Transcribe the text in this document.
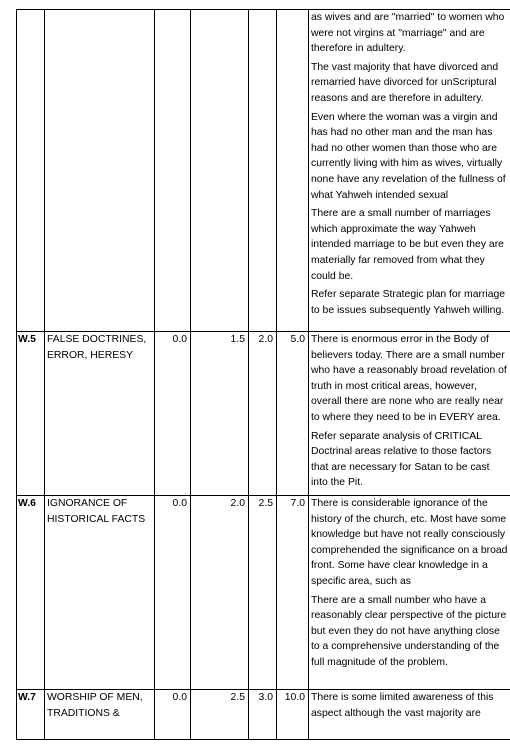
						as wives and are "married" to women who were not virgins at "marriage" and are therefore in adultery.
The vast majority that have divorced and remarried have divorced for unScriptural reasons and are therefore in adultery.
Even where the woman was a virgin and has had no other man and the man has had no other women than those who are currently living with him as wives, virtually none have any revelation of the fullness of what Yahweh intended sexual
There are a small number of marriages which approximate the way Yahweh intended marriage to be but even they are materially far removed from what they could be.
Refer separate Strategic plan for marriage to be issues subsequently Yahweh willing.

W.5	FALSE DOCTRINES, ERROR, HERESY	0.0	1.5	2.0	5.0	There is enormous error in the Body of believers today. There are a small number who have a reasonably broad revelation of truth in most critical areas, however, overall there are none who are really near to where they need to be in EVERY area.
Refer separate analysis of CRITICAL Doctrinal areas relative to those factors that are necessary for Satan to be cast into the Pit.

W.6	IGNORANCE OF HISTORICAL FACTS	0.0	2.0	2.5	7.0	There is considerable ignorance of the history of the church, etc. Most have some knowledge but have not really consciously comprehended the significance on a broad front. Some have clear knowledge in a specific area, such as
There are a small number who have a reasonably clear perspective of the picture but even they do not have anything close to a comprehensive understanding of the full magnitude of the problem.

W.7	WORSHIP OF MEN, TRADITIONS &	0.0	2.5	3.0	10.0	There is some limited awareness of this aspect although the vast majority are
